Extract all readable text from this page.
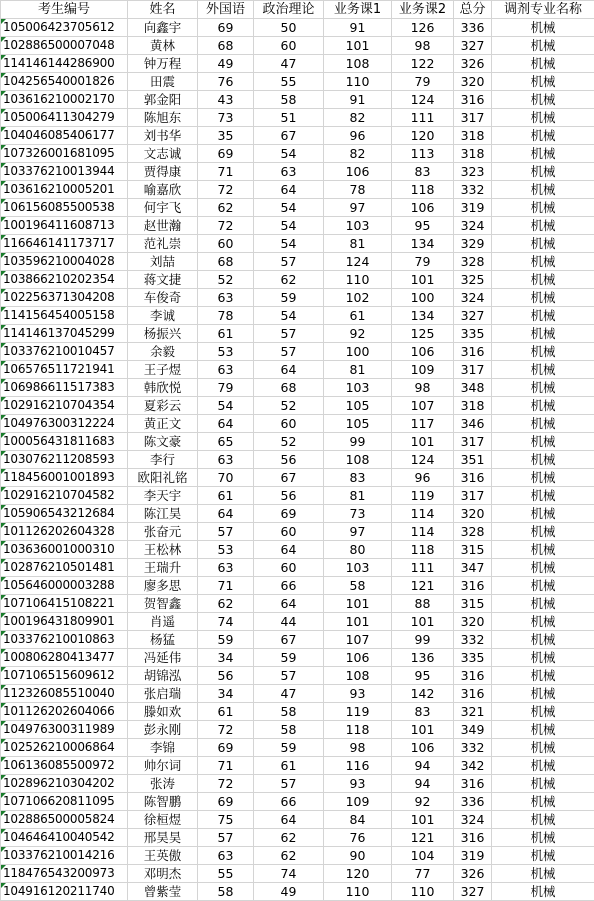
考生编号	姓名	外国语	政治理论	业务课1	业务课2	总分	调剂专业名称
105006423705612	向鑫宇	69	50	91	126	336	机械
102886500007048	黄林	68	60	101	98	327	机械
114146144286900	钟万程	49	47	108	122	326	机械
104256540001826	田震	76	55	110	79	320	机械
103616210002170	郭金阳	43	58	91	124	316	机械
105006411304279	陈旭东	73	51	82	111	317	机械
104046085406177	刘书华	35	67	96	120	318	机械
107326001681095	文志诚	69	54	82	113	318	机械
103376210013944	贾得康	71	63	106	83	323	机械
103616210005201	喻嘉欣	72	64	78	118	332	机械
106156085500538	何宇飞	62	54	97	106	319	机械
100196411608713	赵世瀚	72	54	103	95	324	机械
116646141173717	范礼崇	60	54	81	134	329	机械
103596210004028	刘喆	68	57	124	79	328	机械
103866210202354	蒋文捷	52	62	110	101	325	机械
102256371304208	车俊奇	63	59	102	100	324	机械
114156454005158	李诚	78	54	61	134	327	机械
114146137045299	杨振兴	61	57	92	125	335	机械
103376210010457	余毅	53	57	100	106	316	机械
106576511721941	王子煜	63	64	81	109	317	机械
106986611517383	韩欣悦	79	68	103	98	348	机械
102916210704354	夏彩云	54	52	105	107	318	机械
104976300312224	黄正文	64	60	105	117	346	机械
100056431811683	陈文豪	65	52	99	101	317	机械
103076211208593	李行	63	56	108	124	351	机械
118456001001893	欧阳礼铭	70	67	83	96	316	机械
102916210704582	李天宇	61	56	81	119	317	机械
105906543212684	陈江昊	64	69	73	114	320	机械
101126202604328	张奋元	57	60	97	114	328	机械
103636001000310	王松林	53	64	80	118	315	机械
102876210501481	王瑞升	63	60	103	111	347	机械
105646000003288	廖多思	71	66	58	121	316	机械
107106415108221	贺智鑫	62	64	101	88	315	机械
100196431809901	肖遥	74	44	101	101	320	机械
103376210010863	杨猛	59	67	107	99	332	机械
100806280413477	冯延伟	34	59	106	136	335	机械
107106515609612	胡锦泓	56	57	108	95	316	机械
112326085510040	张启瑞	34	47	93	142	316	机械
101126202604066	滕如欢	61	58	119	83	321	机械
104976300311989	彭永刚	72	58	118	101	349	机械
102526210006864	李锦	69	59	98	106	332	机械
106136085500972	帅尔词	71	61	116	94	342	机械
102896210304202	张涛	72	57	93	94	316	机械
107106620811095	陈智鹏	69	66	109	92	336	机械
102886500005824	徐桓煜	75	64	84	101	324	机械
104646410040542	邢昊昊	57	62	76	121	316	机械
103376210014216	王英傲	63	62	90	104	319	机械
118476543200973	邓明杰	55	74	120	77	326	机械
104916120211740	曾紫莹	58	49	110	110	327	机械
